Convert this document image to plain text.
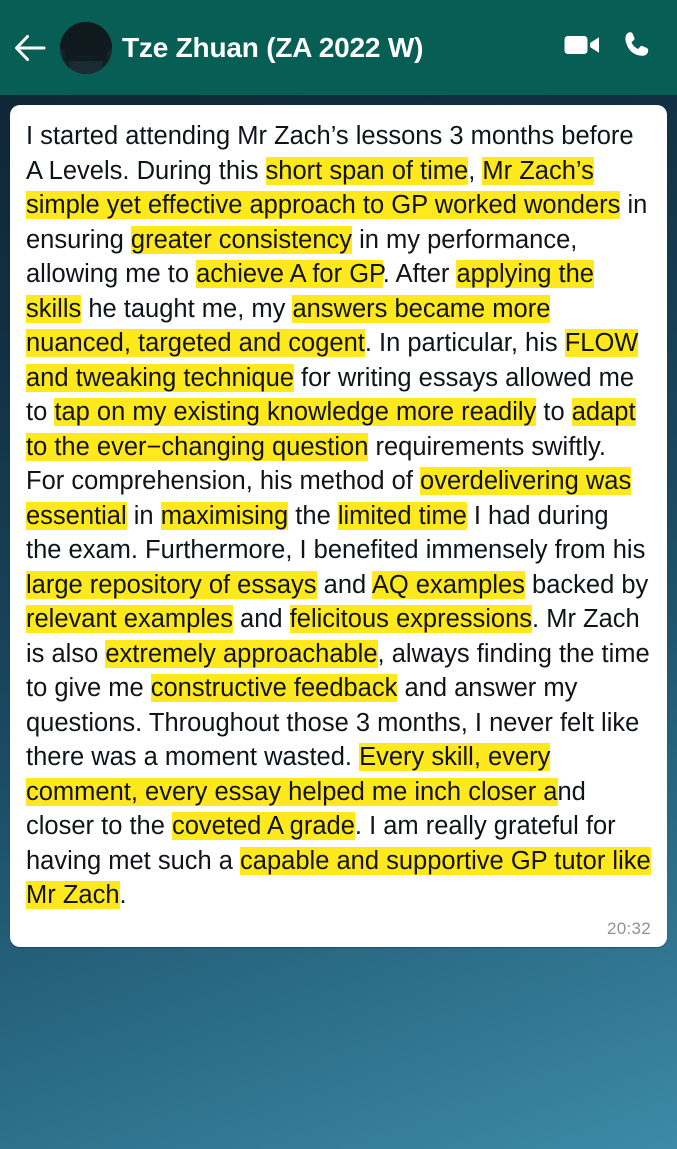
Tze Zhuan (ZA 2022 W)
I started attending Mr Zach’s lessons 3 months before A Levels. During this short span of time, Mr Zach’s simple yet effective approach to GP worked wonders in ensuring greater consistency in my performance, allowing me to achieve A for GP. After applying the skills he taught me, my answers became more nuanced, targeted and cogent. In particular, his FLOW and tweaking technique for writing essays allowed me to tap on my existing knowledge more readily to adapt to the ever−changing question requirements swiftly. For comprehension, his method of overdelivering was essential in maximising the limited time I had during the exam. Furthermore, I benefited immensely from his large repository of essays and AQ examples backed by relevant examples and felicitous expressions. Mr Zach is also extremely approachable, always finding the time to give me constructive feedback and answer my questions. Throughout those 3 months, I never felt like there was a moment wasted. Every skill, every comment, every essay helped me inch closer and closer to the coveted A grade. I am really grateful for having met such a capable and supportive GP tutor like Mr Zach.
20:32
